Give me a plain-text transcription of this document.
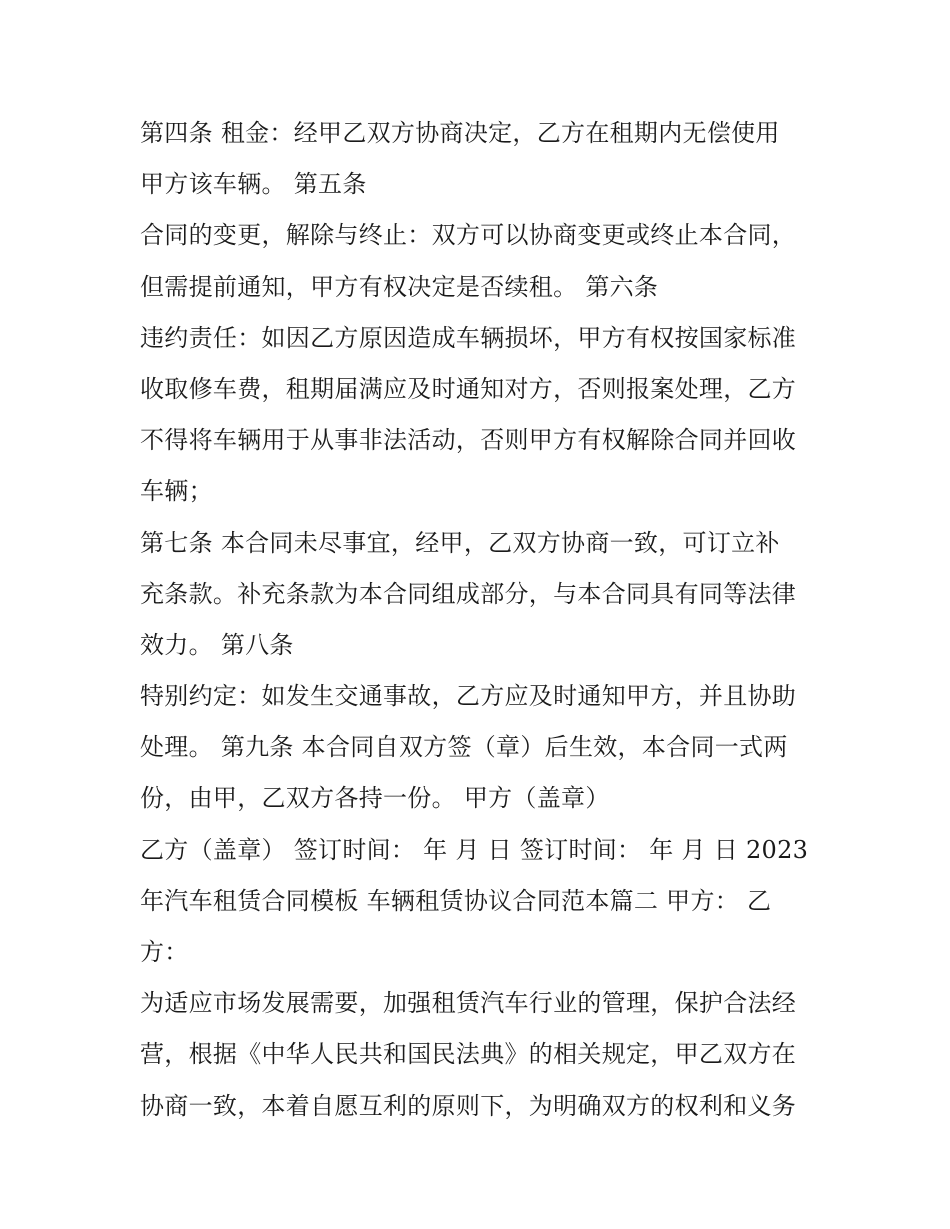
第四条 租金：经甲乙双方协商决定，乙方在租期内无偿使用
甲方该车辆。 第五条
合同的变更，解除与终止：双方可以协商变更或终止本合同，
但需提前通知，甲方有权决定是否续租。 第六条
违约责任：如因乙方原因造成车辆损坏，甲方有权按国家标准
收取修车费，租期届满应及时通知对方，否则报案处理，乙方
不得将车辆用于从事非法活动，否则甲方有权解除合同并回收
车辆；
第七条 本合同未尽事宜，经甲，乙双方协商一致，可订立补
充条款。补充条款为本合同组成部分，与本合同具有同等法律
效力。 第八条
特别约定：如发生交通事故，乙方应及时通知甲方，并且协助
处理。 第九条 本合同自双方签（章）后生效，本合同一式两
份，由甲，乙双方各持一份。 甲方（盖章）
乙方（盖章） 签订时间： 年 月 日 签订时间： 年 月 日 2023
年汽车租赁合同模板 车辆租赁协议合同范本篇二 甲方： 乙
方：
为适应市场发展需要，加强租赁汽车行业的管理，保护合法经
营，根据《中华人民共和国民法典》的相关规定，甲乙双方在
协商一致，本着自愿互利的原则下，为明确双方的权利和义务
